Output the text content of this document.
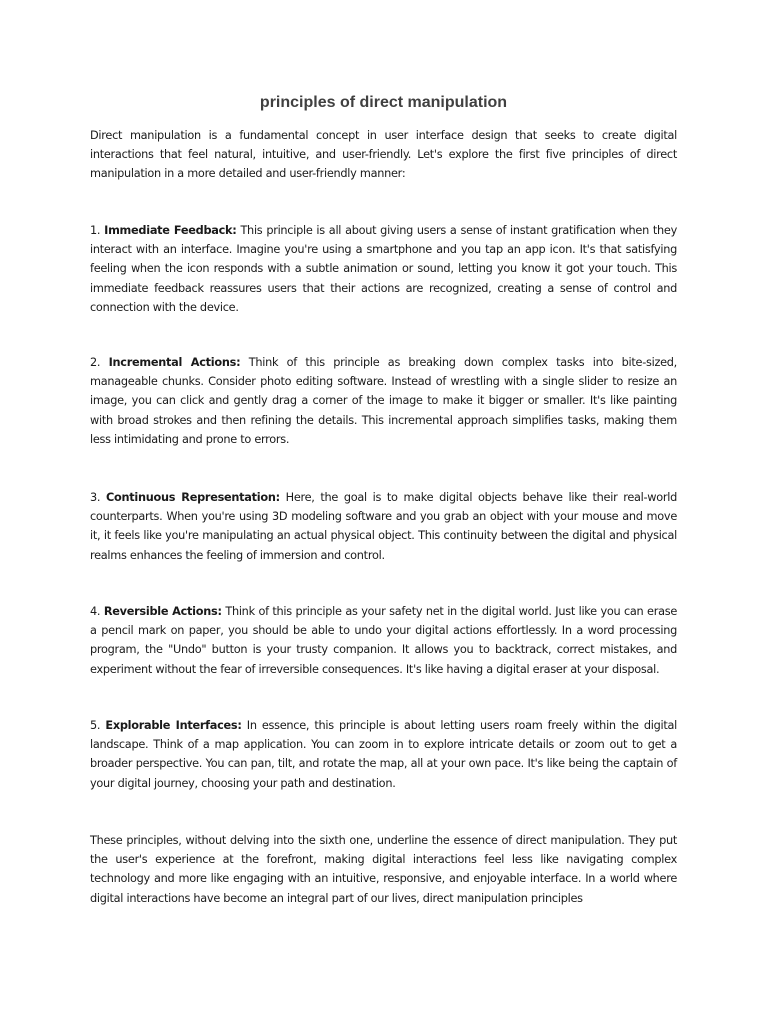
principles of direct manipulation

Direct manipulation is a fundamental concept in user interface design that seeks to create digital interactions that feel natural, intuitive, and user-friendly. Let's explore the first five principles of direct manipulation in a more detailed and user-friendly manner:

1. Immediate Feedback: This principle is all about giving users a sense of instant gratification when they interact with an interface. Imagine you're using a smartphone and you tap an app icon. It's that satisfying feeling when the icon responds with a subtle animation or sound, letting you know it got your touch. This immediate feedback reassures users that their actions are recognized, creating a sense of control and connection with the device.

2. Incremental Actions: Think of this principle as breaking down complex tasks into bite-sized, manageable chunks. Consider photo editing software. Instead of wrestling with a single slider to resize an image, you can click and gently drag a corner of the image to make it bigger or smaller. It's like painting with broad strokes and then refining the details. This incremental approach simplifies tasks, making them less intimidating and prone to errors.

3. Continuous Representation: Here, the goal is to make digital objects behave like their real-world counterparts. When you're using 3D modeling software and you grab an object with your mouse and move it, it feels like you're manipulating an actual physical object. This continuity between the digital and physical realms enhances the feeling of immersion and control.

4. Reversible Actions: Think of this principle as your safety net in the digital world. Just like you can erase a pencil mark on paper, you should be able to undo your digital actions effortlessly. In a word processing program, the "Undo" button is your trusty companion. It allows you to backtrack, correct mistakes, and experiment without the fear of irreversible consequences. It's like having a digital eraser at your disposal.

5. Explorable Interfaces: In essence, this principle is about letting users roam freely within the digital landscape. Think of a map application. You can zoom in to explore intricate details or zoom out to get a broader perspective. You can pan, tilt, and rotate the map, all at your own pace. It's like being the captain of your digital journey, choosing your path and destination.

These principles, without delving into the sixth one, underline the essence of direct manipulation. They put the user's experience at the forefront, making digital interactions feel less like navigating complex technology and more like engaging with an intuitive, responsive, and enjoyable interface. In a world where digital interactions have become an integral part of our lives, direct manipulation principles
